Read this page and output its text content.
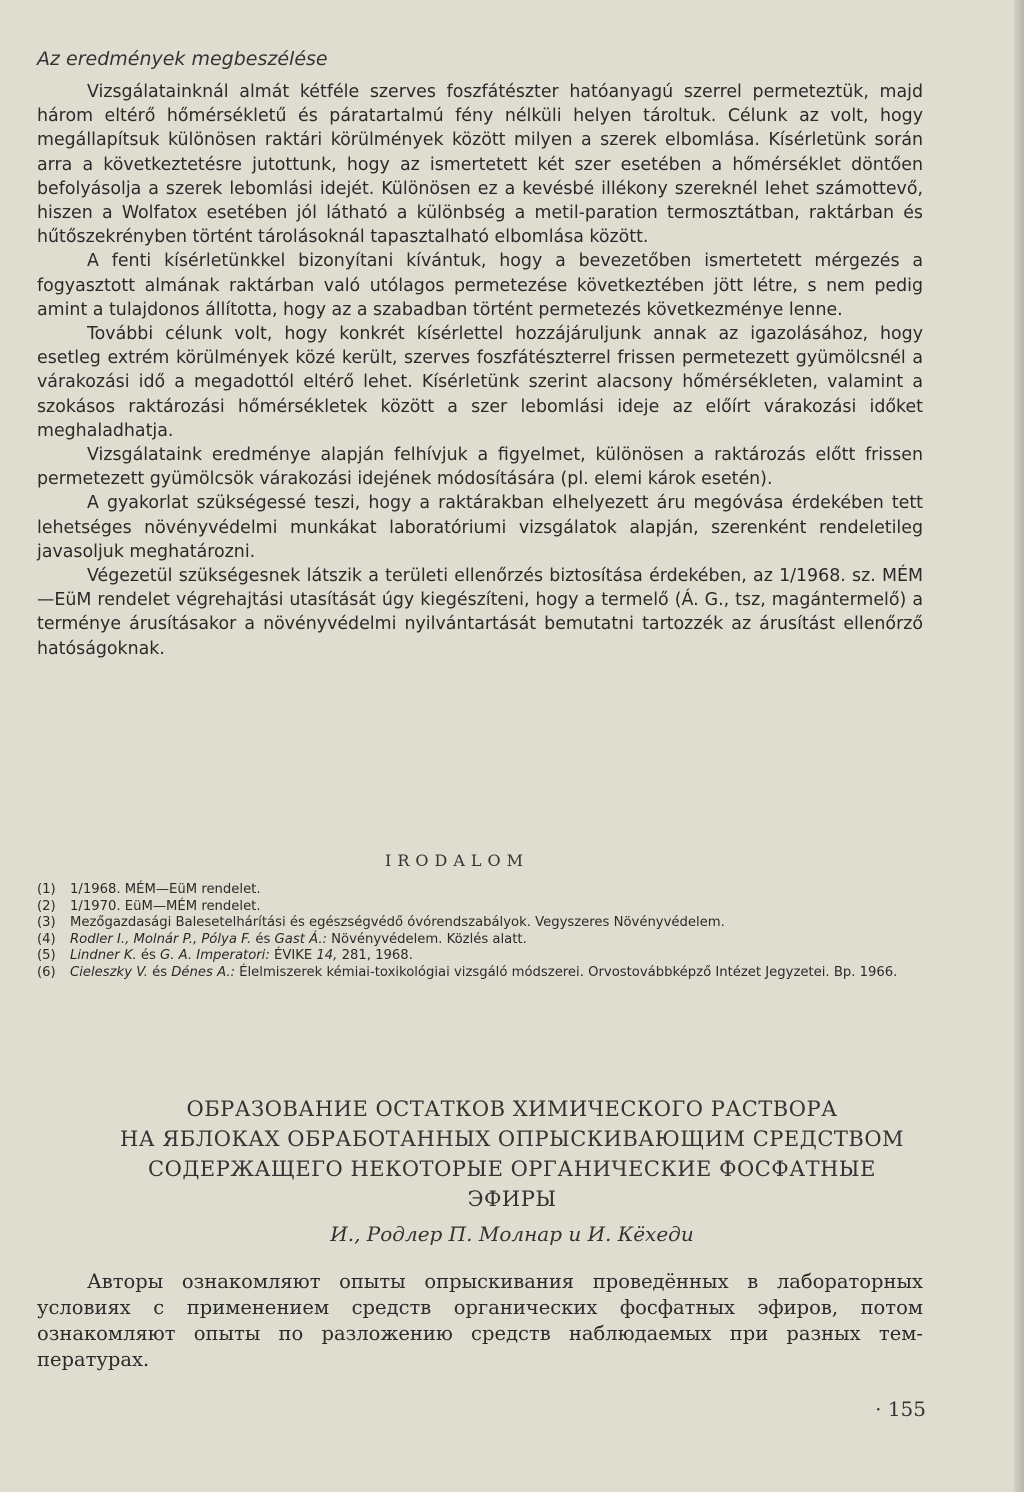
Az eredmények megbeszélése

Vizsgálatainknál almát kétféle szerves foszfátészter hatóanyagú szerrel permeteztük, majd három eltérő hőmérsékletű és páratartalmú fény nélküli helyen tároltuk. Célunk az volt, hogy megállapítsuk különösen raktári körülmények között milyen a szerek elbomlása. Kísérletünk során arra a következtetésre jutottunk, hogy az ismertetett két szer esetében a hőmérséklet döntően befolyásolja a szerek lebomlási idejét. Különösen ez a kevésbé illékony szereknél lehet számottevő, hiszen a Wolfatox esetében jól látható a különbség a metil-paration termosztátban, raktárban és hűtőszekrényben történt tárolásoknál tapasztalható elbomlása között.

A fenti kísérletünkkel bizonyítani kívántuk, hogy a bevezetőben ismertetett mérgezés a fogyasztott almának raktárban való utólagos permetezése következtében jött létre, s nem pedig amint a tulajdonos állította, hogy az a szabadban történt permetezés következménye lenne.

További célunk volt, hogy konkrét kísérlettel hozzájáruljunk annak az igazolásához, hogy esetleg extrém körülmények közé került, szerves foszfátészterrel frissen permetezett gyümölcsnél a várakozási idő a megadottól eltérő lehet. Kísérletünk szerint alacsony hőmérsékleten, valamint a szokásos raktározási hőmérsékletek között a szer lebomlási ideje az előírt várakozási időket meghaladhatja.

Vizsgálataink eredménye alapján felhívjuk a figyelmet, különösen a raktározás előtt frissen permetezett gyümölcsök várakozási idejének módosítására (pl. elemi károk esetén).

A gyakorlat szükségessé teszi, hogy a raktárakban elhelyezett áru megóvása érdekében tett lehetséges növényvédelmi munkákat laboratóriumi vizsgálatok alapján, szerenként rendeletileg javasoljuk meghatározni.

Végezetül szükségesnek látszik a területi ellenőrzés biztosítása érdekében, az 1/1968. sz. MÉM—EüM rendelet végrehajtási utasítását úgy kiegészíteni, hogy a termelő (Á. G., tsz, magántermelő) a terménye árusításakor a növényvédelmi nyilvántartását bemutatni tartozzék az árusítást ellenőrző hatóságoknak.

IRODALOM
(1)	1/1968. MÉM—EüM rendelet.
(2)	1/1970. EüM—MÉM rendelet.
(3)	Mezőgazdasági Balesetelhárítási és egészségvédő óvórendszabályok. Vegyszeres Növényvédelem.
(4)	Rodler I., Molnár P., Pólya F. és Gast Á.: Növényvédelem. Közlés alatt.
(5)	Lindner K. és G. A. Imperatori: ÉVIKE 14, 281, 1968.
(6)	Cieleszky V. és Dénes A.: Élelmiszerek kémiai-toxikológiai vizsgáló módszerei. Orvostovábbképző Intézet Jegyzetei. Bp. 1966.
ОБРАЗОВАНИЕ ОСТАТКОВ ХИМИЧЕСКОГО РАСТВОРА
НА ЯБЛОКАХ ОБРАБОТАННЫХ ОПРЫСКИВАЮЩИМ СРЕДСТВОМ
СОДЕРЖАЩЕГО НЕКОТОРЫЕ ОРГАНИЧЕСКИЕ ФОСФАТНЫЕ
ЭФИРЫ
И., Родлер П. Молнар и И. Кёхеди

Авторы ознакомляют опыты опрыскивания проведённых в лабораторных условиях с применением средств органических фосфатных эфиров, потом ознакомляют опыты по разложению средств наблюдаемых при разных температурах.

· 155
